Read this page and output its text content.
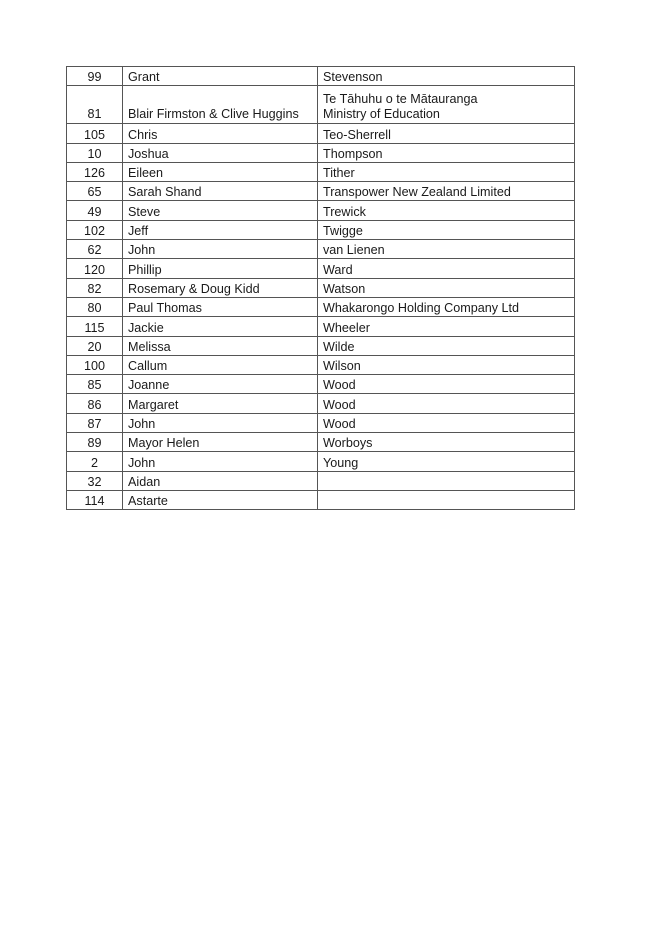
99	Grant	Stevenson
81	Blair Firmston & Clive Huggins	Te Tāhuhu o te Mātauranga
Ministry of Education

105	Chris	Teo-Sherrell
10	Joshua	Thompson
126	Eileen	Tither
65	Sarah Shand	Transpower New Zealand Limited
49	Steve	Trewick
102	Jeff	Twigge
62	John	van Lienen
120	Phillip	Ward
82	Rosemary & Doug Kidd	Watson
80	Paul Thomas	Whakarongo Holding Company Ltd
115	Jackie	Wheeler
20	Melissa	Wilde
100	Callum	Wilson
85	Joanne	Wood
86	Margaret	Wood
87	John	Wood
89	Mayor Helen	Worboys
2	John	Young
32	Aidan	
114	Astarte	
